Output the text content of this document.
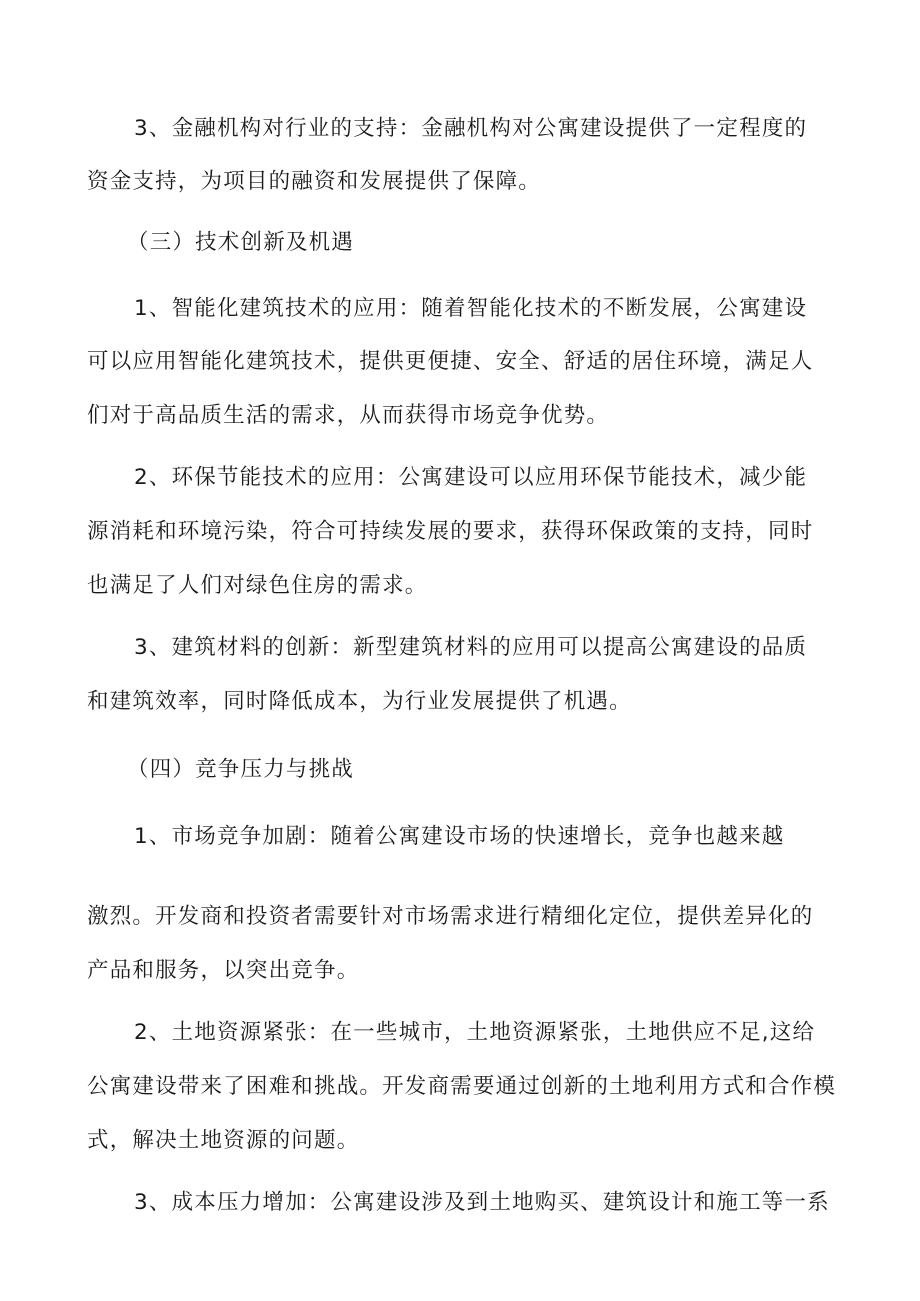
3、金融机构对行业的支持：金融机构对公寓建设提供了一定程度的
资金支持，为项目的融资和发展提供了保障。
（三）技术创新及机遇
1、智能化建筑技术的应用：随着智能化技术的不断发展，公寓建设
可以应用智能化建筑技术，提供更便捷、安全、舒适的居住环境，满足人
们对于高品质生活的需求，从而获得市场竞争优势。
2、环保节能技术的应用：公寓建设可以应用环保节能技术，减少能
源消耗和环境污染，符合可持续发展的要求，获得环保政策的支持，同时
也满足了人们对绿色住房的需求。
3、建筑材料的创新：新型建筑材料的应用可以提高公寓建设的品质
和建筑效率，同时降低成本，为行业发展提供了机遇。
（四）竞争压力与挑战
1、市场竞争加剧：随着公寓建设市场的快速增长，竞争也越来越
激烈。开发商和投资者需要针对市场需求进行精细化定位，提供差异化的
产品和服务，以突出竞争。
2、土地资源紧张：在一些城市，土地资源紧张，土地供应不足,这给
公寓建设带来了困难和挑战。开发商需要通过创新的土地利用方式和合作模
式，解决土地资源的问题。
3、成本压力增加：公寓建设涉及到土地购买、建筑设计和施工等一系
